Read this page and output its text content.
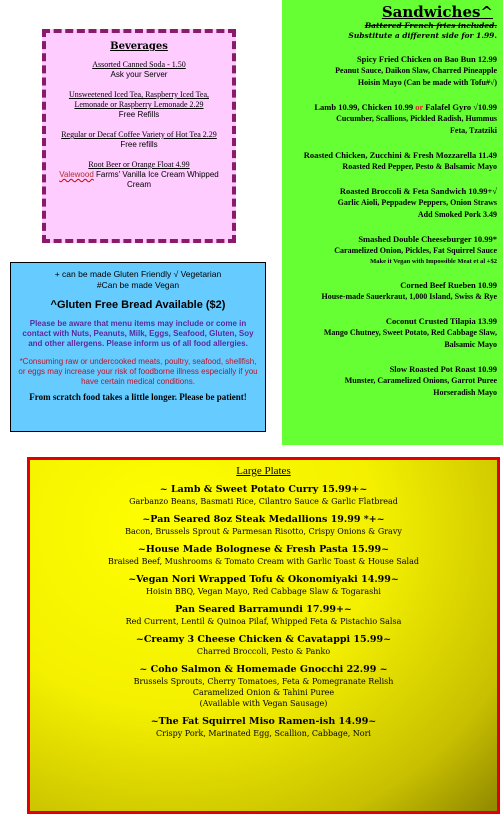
Beverages
Assorted Canned Soda - 1.50
Ask your Server
Unsweetened Iced Tea, Raspberry Iced Tea, Lemonade or Raspberry Lemonade 2.29
Free Refills
Regular or Decaf Coffee Variety of Hot Tea 2.29
Free refills
Root Beer or Orange Float 4.99
Valewood Farms' Vanilla Ice Cream Whipped Cream
+ can be made Gluten Friendly √ Vegetarian
#Can be made Vegan
^Gluten Free Bread Available ($2)
Please be aware that menu items may include or come in contact with Nuts, Peanuts, Milk, Eggs, Seafood, Gluten, Soy and other allergens. Please inform us of all food allergies.
*Consuming raw or undercooked meats, poultry, seafood, shellfish, or eggs may increase your risk of foodborne illness especially if you have certain medical conditions.
From scratch food takes a little longer. Please be patient!
Sandwiches^
Battered French fries included.
Substitute a different side for 1.99.
Spicy Fried Chicken on Bao Bun 12.99
Peanut Sauce, Daikon Slaw, Charred Pineapple
Hoisin Mayo (Can be made with Tofu#√)
Lamb 10.99, Chicken 10.99 or Falafel Gyro √10.99
Cucumber, Scallions, Pickled Radish, Hummus
Feta, Tzatziki
Roasted Chicken, Zucchini & Fresh Mozzarella 11.49
Roasted Red Pepper, Pesto & Balsamic Mayo
Roasted Broccoli & Feta Sandwich 10.99+√
Garlic Aioli, Peppadew Peppers, Onion Straws
Add Smoked Pork 3.49
Smashed Double Cheeseburger 10.99*
Caramelized Onion, Pickles, Fat Squirrel Sauce
Make it Vegan with Impossible Meat et al +$2
Corned Beef Rueben 10.99
House-made Sauerkraut, 1,000 Island, Swiss & Rye
Coconut Crusted Tilapia 13.99
Mango Chutney, Sweet Potato, Red Cabbage Slaw,
Balsamic Mayo
Slow Roasted Pot Roast 10.99
Munster, Caramelized Onions, Garrot Puree
Horseradish Mayo
Large Plates
~ Lamb & Sweet Potato Curry 15.99+~
Garbanzo Beans, Basmati Rice, Cilantro Sauce & Garlic Flatbread
~Pan Seared 8oz Steak Medallions 19.99 *+~
Bacon, Brussels Sprout & Parmesan Risotto, Crispy Onions & Gravy
~House Made Bolognese & Fresh Pasta 15.99~
Braised Beef, Mushrooms & Tomato Cream with Garlic Toast & House Salad
~Vegan Nori Wrapped Tofu & Okonomiyaki 14.99~
Hoisin BBQ, Vegan Mayo, Red Cabbage Slaw & Togarashi
Pan Seared Barramundi 17.99+~
Red Current, Lentil & Quinoa Pilaf, Whipped Feta & Pistachio Salsa
~Creamy 3 Cheese Chicken & Cavatappi 15.99~
Charred Broccoli, Pesto & Panko
~ Coho Salmon & Homemade Gnocchi 22.99 ~
Brussels Sprouts, Cherry Tomatoes, Feta & Pomegranate Relish
Caramelized Onion & Tahini Puree
(Available with Vegan Sausage)
~The Fat Squirrel Miso Ramen-ish 14.99~
Crispy Pork, Marinated Egg, Scallion, Cabbage, Nori
